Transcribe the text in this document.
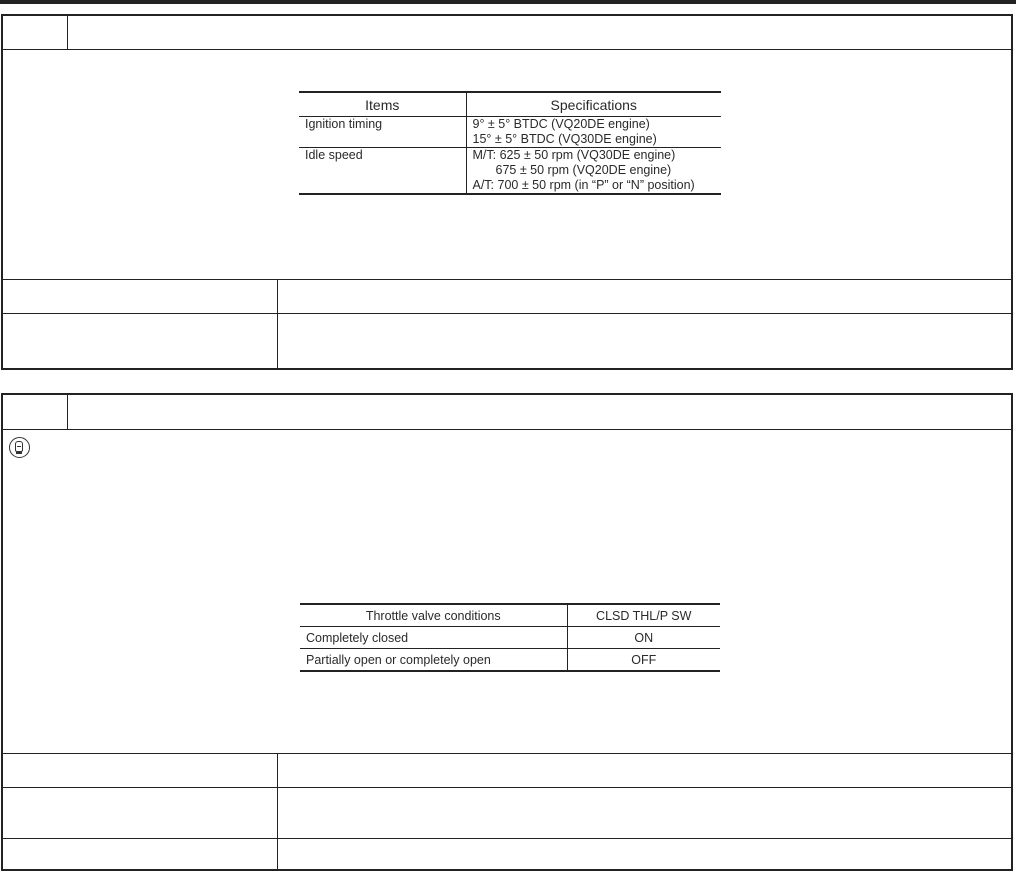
Items	Specifications
Ignition timing	9° ± 5° BTDC (VQ20DE engine)
15° ± 5° BTDC (VQ30DE engine)
Idle speed	M/T: 625 ± 50 rpm (VQ30DE engine)
675 ± 50 rpm (VQ20DE engine)
A/T: 700 ± 50 rpm (in “P” or “N” position)
Throttle valve conditions	CLSD THL/P SW
Completely closed	ON
Partially open or completely open	OFF
